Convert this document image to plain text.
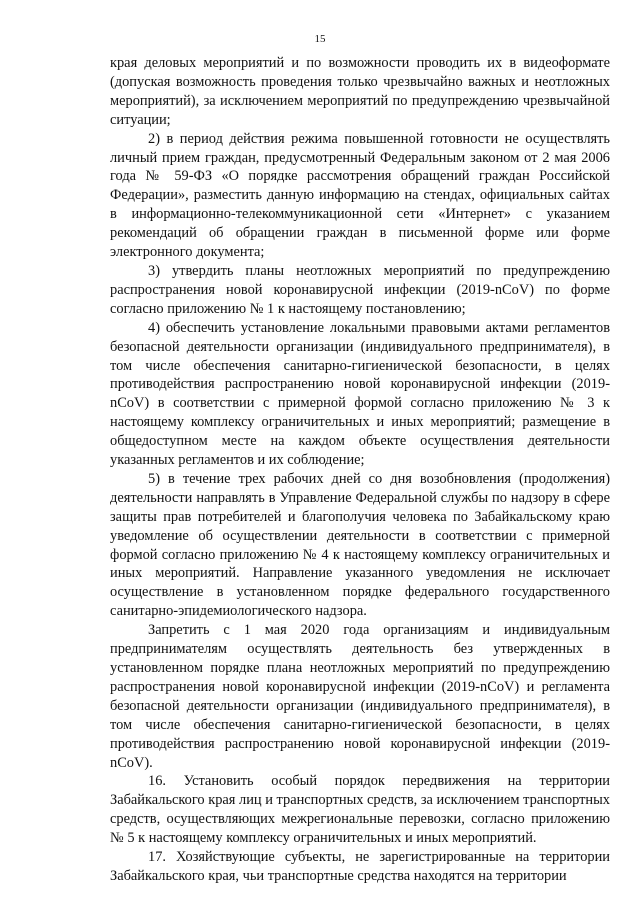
15

края деловых мероприятий и по возможности проводить их в видеоформате (допуская возможность проведения только чрезвычайно важных и неотложных мероприятий), за исключением мероприятий по предупреждению чрезвычайной ситуации;

2) в период действия режима повышенной готовности не осуществлять личный прием граждан, предусмотренный Федеральным законом от 2 мая 2006 года № 59-ФЗ «О порядке рассмотрения обращений граждан Российской Федерации», разместить данную информацию на стендах, официальных сайтах в информационно-телекоммуникационной сети «Интернет» с указанием рекомендаций об обращении граждан в письменной форме или форме электронного документа;

3) утвердить планы неотложных мероприятий по предупреждению распространения новой коронавирусной инфекции (2019-nCoV) по форме согласно приложению № 1 к настоящему постановлению;

4) обеспечить установление локальными правовыми актами регламентов безопасной деятельности организации (индивидуального предпринимателя), в том числе обеспечения санитарно-гигиенической безопасности, в целях противодействия распространению новой коронавирусной инфекции (2019-nCoV) в соответствии с примерной формой согласно приложению № 3 к настоящему комплексу ограничительных и иных мероприятий; размещение в общедоступном месте на каждом объекте осуществления деятельности указанных регламентов и их соблюдение;

5) в течение трех рабочих дней со дня возобновления (продолжения) деятельности направлять в Управление Федеральной службы по надзору в сфере защиты прав потребителей и благополучия человека по Забайкальскому краю уведомление об осуществлении деятельности в соответствии с примерной формой согласно приложению № 4 к настоящему комплексу ограничительных и иных мероприятий. Направление указанного уведомления не исключает осуществление в установленном порядке федерального государственного санитарно-эпидемиологического надзора.

Запретить с 1 мая 2020 года организациям и индивидуальным предпринимателям осуществлять деятельность без утвержденных в установленном порядке плана неотложных мероприятий по предупреждению распространения новой коронавирусной инфекции (2019-nCoV) и регламента безопасной деятельности организации (индивидуального предпринимателя), в том числе обеспечения санитарно-гигиенической безопасности, в целях противодействия распространению новой коронавирусной инфекции (2019-nCoV).

16. Установить особый порядок передвижения на территории Забайкальского края лиц и транспортных средств, за исключением транспортных средств, осуществляющих межрегиональные перевозки, согласно приложению № 5 к настоящему комплексу ограничительных и иных мероприятий.

17. Хозяйствующие субъекты, не зарегистрированные на территории Забайкальского края, чьи транспортные средства находятся на территории
